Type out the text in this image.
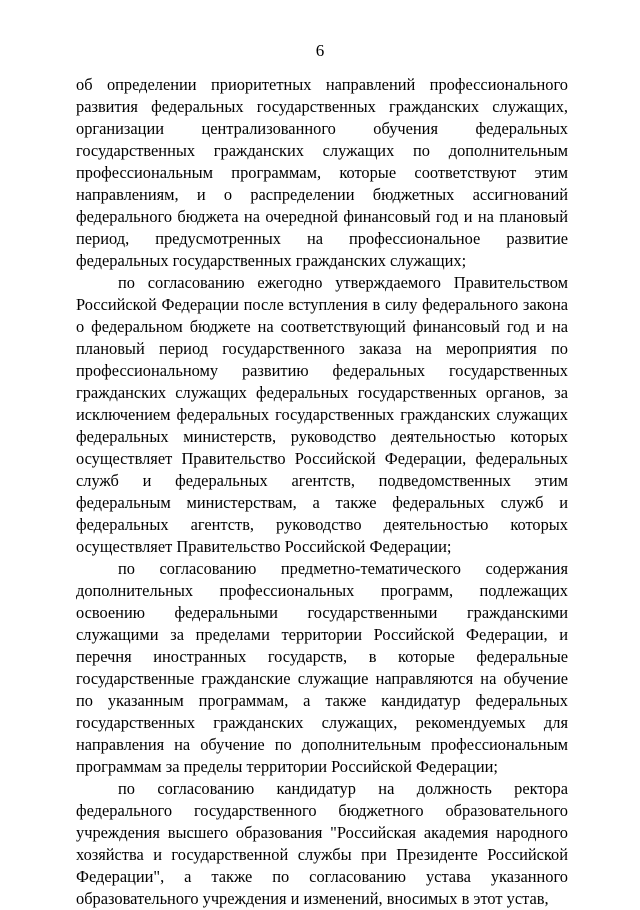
6

об определении приоритетных направлений профессионального развития федеральных государственных гражданских служащих, организации централизованного обучения федеральных государственных гражданских служащих по дополнительным профессиональным программам, которые соответствуют этим направлениям, и о распределении бюджетных ассигнований федерального бюджета на очередной финансовый год и на плановый период, предусмотренных на профессиональное развитие федеральных государственных гражданских служащих;

по согласованию ежегодно утверждаемого Правительством Российской Федерации после вступления в силу федерального закона о федеральном бюджете на соответствующий финансовый год и на плановый период государственного заказа на мероприятия по профессиональному развитию федеральных государственных гражданских служащих федеральных государственных органов, за исключением федеральных государственных гражданских служащих федеральных министерств, руководство деятельностью которых осуществляет Правительство Российской Федерации, федеральных служб и федеральных агентств, подведомственных этим федеральным министерствам, а также федеральных служб и федеральных агентств, руководство деятельностью которых осуществляет Правительство Российской Федерации;

по согласованию предметно-тематического содержания дополнительных профессиональных программ, подлежащих освоению федеральными государственными гражданскими служащими за пределами территории Российской Федерации, и перечня иностранных государств, в которые федеральные государственные гражданские служащие направляются на обучение по указанным программам, а также кандидатур федеральных государственных гражданских служащих, рекомендуемых для направления на обучение по дополнительным профессиональным программам за пределы территории Российской Федерации;

по согласованию кандидатур на должность ректора федерального государственного бюджетного образовательного учреждения высшего образования "Российская академия народного хозяйства и государственной службы при Президенте Российской Федерации", а также по согласованию устава указанного образовательного учреждения и изменений, вносимых в этот устав,
